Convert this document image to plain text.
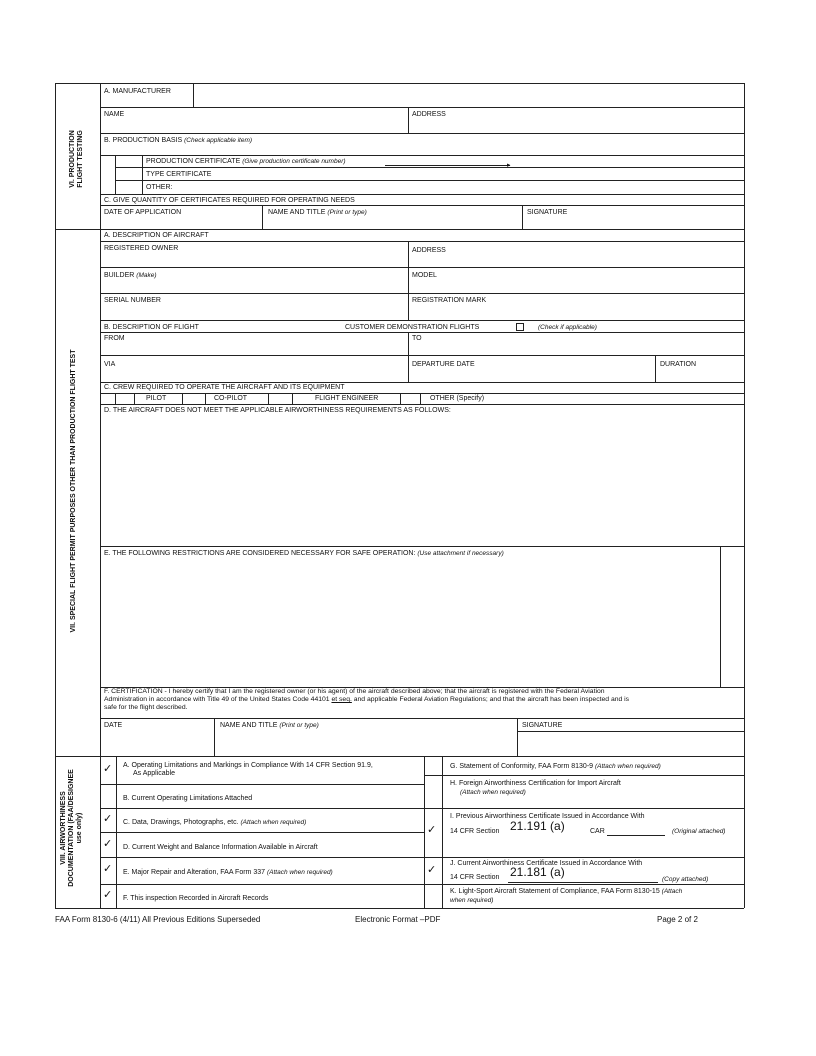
VI. PRODUCTION FLIGHT TESTING
A. MANUFACTURER
NAME	ADDRESS
B. PRODUCTION BASIS (Check applicable item)
PRODUCTION CERTIFICATE (Give production certificate number)
▸
TYPE CERTIFICATE
OTHER:
C. GIVE QUANTITY OF CERTIFICATES REQUIRED FOR OPERATING NEEDS
DATE OF APPLICATION	NAME AND TITLE (Print or type)	SIGNATURE
VII. SPECIAL FLIGHT PERMIT PURPOSES OTHER THAN PRODUCTION FLIGHT TEST
A. DESCRIPTION OF AIRCRAFT
REGISTERED OWNER	ADDRESS
BUILDER (Make)	MODEL
SERIAL NUMBER	REGISTRATION MARK
B. DESCRIPTION OF FLIGHT	CUSTOMER DEMONSTRATION FLIGHTS	(Check if applicable)
FROM	TO
VIA	DEPARTURE DATE	DURATION
C. CREW REQUIRED TO OPERATE THE AIRCRAFT AND ITS EQUIPMENT
PILOT	CO-PILOT	FLIGHT ENGINEER	OTHER (Specify)
D. THE AIRCRAFT DOES NOT MEET THE APPLICABLE AIRWORTHINESS REQUIREMENTS AS FOLLOWS:
E. THE FOLLOWING RESTRICTIONS ARE CONSIDERED NECESSARY FOR SAFE OPERATION: (Use attachment if necessary)
F. CERTIFICATION - I hereby certify that I am the registered owner (or his agent) of the aircraft described above; that the aircraft is registered with the Federal Aviation
Administration in accordance with Title 49 of the United States Code 44101 et seq. and applicable Federal Aviation Regulations; and that the aircraft has been inspected and is
safe for the flight described.
DATE	NAME AND TITLE (Print or type)	SIGNATURE
VIII. AIRWORTHINESS DOCUMENTATION (FAA/DESIGNEE use only)
✓ A. Operating Limitations and Markings in Compliance With 14 CFR Section 91.9,
As Applicable
B. Current Operating Limitations Attached
✓ C. Data, Drawings, Photographs, etc. (Attach when required)
✓ D. Current Weight and Balance Information Available in Aircraft
✓ E. Major Repair and Alteration, FAA Form 337 (Attach when required)
✓ F. This inspection Recorded in Aircraft Records
G. Statement of Conformity, FAA Form 8130-9 (Attach when required)
H. Foreign Airworthiness Certification for Import Aircraft
(Attach when required)
✓
I. Previous Airworthiness Certificate Issued in Accordance With
14 CFR Section 21.191 (a)	CAR	(Original attached)
✓ J. Current Airworthiness Certificate Issued in Accordance With
14 CFR Section 21.181 (a)
(Copy attached)
K. Light-Sport Aircraft Statement of Compliance, FAA Form 8130-15 (Attach
when required)
FAA Form 8130-6 (4/11) All Previous Editions Superseded	Electronic Format –PDF	Page 2 of 2
